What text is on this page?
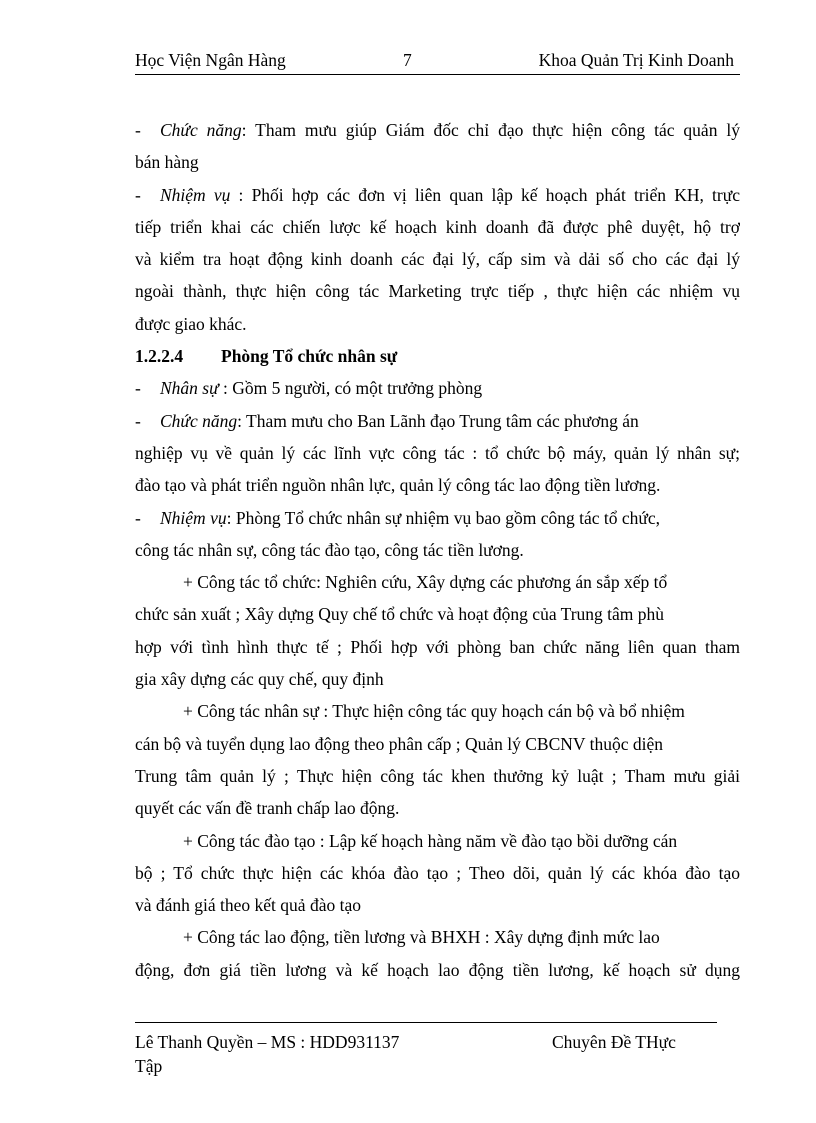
Học Viện Ngân Hàng	7	Khoa Quản Trị Kinh Doanh
- Chức năng: Tham mưu giúp Giám đốc chỉ đạo thực hiện công tác quản lý
bán hàng
- Nhiệm vụ : Phối hợp các đơn vị liên quan lập kế hoạch phát triển KH, trực
tiếp triển khai các chiến lược kế hoạch kinh doanh đã được phê duyệt, hộ trợ
và kiểm tra hoạt động kinh doanh các đại lý, cấp sim và dải số cho các đại lý
ngoài thành, thực hiện công tác Marketing trực tiếp , thực hiện các nhiệm vụ
được giao khác.
1.2.2.4 Phòng Tổ chức nhân sự
- Nhân sự : Gồm 5 người, có một trưởng phòng
- Chức năng: Tham mưu cho Ban Lãnh đạo Trung tâm các phương án
nghiệp vụ về quản lý các lĩnh vực công tác : tổ chức bộ máy, quản lý nhân sự;
đào tạo và phát triển nguồn nhân lực, quản lý công tác lao động tiền lương.
- Nhiệm vụ: Phòng Tổ chức nhân sự nhiệm vụ bao gồm công tác tổ chức,
công tác nhân sự, công tác đào tạo, công tác tiền lương.
+ Công tác tổ chức: Nghiên cứu, Xây dựng các phương án sắp xếp tổ
chức sản xuất ; Xây dựng Quy chế tổ chức và hoạt động của Trung tâm phù
hợp với tình hình thực tế ; Phối hợp với phòng ban chức năng liên quan tham
gia xây dựng các quy chế, quy định
+ Công tác nhân sự : Thực hiện công tác quy hoạch cán bộ và bổ nhiệm
cán bộ và tuyển dụng lao động theo phân cấp ; Quản lý CBCNV thuộc diện
Trung tâm quản lý ; Thực hiện công tác khen thưởng kỷ luật ; Tham mưu giải
quyết các vấn đề tranh chấp lao động.
+ Công tác đào tạo : Lập kế hoạch hàng năm về đào tạo bồi dưỡng cán
bộ ; Tổ chức thực hiện các khóa đào tạo ; Theo dõi, quản lý các khóa đào tạo
và đánh giá theo kết quả đào tạo
+ Công tác lao động, tiền lương và BHXH : Xây dựng định mức lao
động, đơn giá tiền lương và kế hoạch lao động tiền lương, kế hoạch sử dụng
Lê Thanh Quyền – MS : HDD931137	Chuyên Đề THực
Tập
